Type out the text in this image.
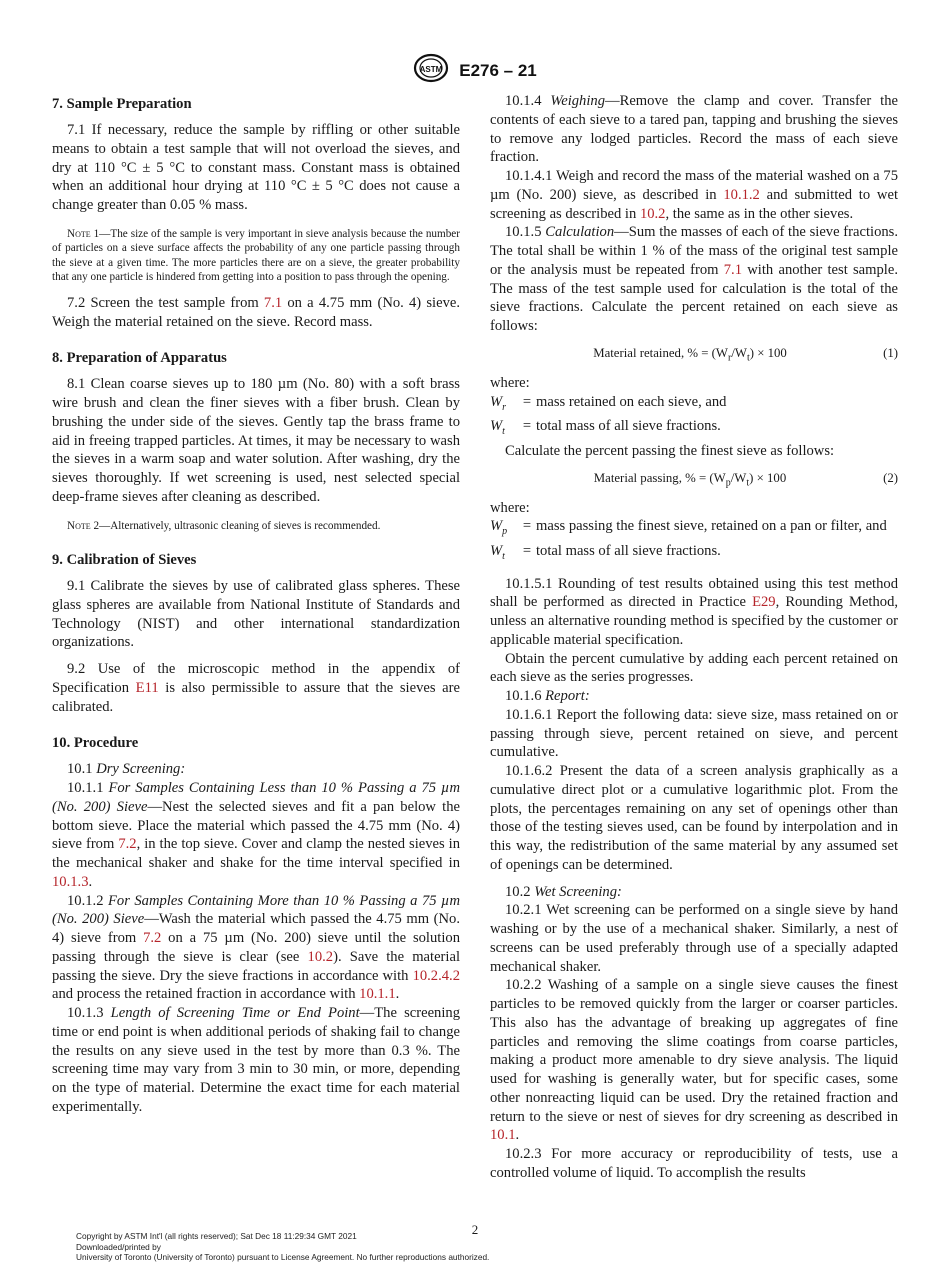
ASTM E276 – 21
7. Sample Preparation

7.1 If necessary, reduce the sample by riffling or other suitable means to obtain a test sample that will not overload the sieves, and dry at 110 °C ± 5 °C to constant mass. Constant mass is obtained when an additional hour drying at 110 °C ± 5 °C does not cause a change greater than 0.05 % mass.

Note 1—The size of the sample is very important in sieve analysis because the number of particles on a sieve surface affects the probability of any one particle passing through the sieve at a given time. The more particles there are on a sieve, the greater probability that any one particle is hindered from getting into a position to pass through the opening.

7.2 Screen the test sample from 7.1 on a 4.75 mm (No. 4) sieve. Weigh the material retained on the sieve. Record mass.

8. Preparation of Apparatus

8.1 Clean coarse sieves up to 180 µm (No. 80) with a soft brass wire brush and clean the finer sieves with a fiber brush. Clean by brushing the under side of the sieves. Gently tap the brass frame to aid in freeing trapped particles. At times, it may be necessary to wash the sieves in a warm soap and water solution. After washing, dry the sieves thoroughly. If wet screening is used, nest selected special deep-frame sieves after cleaning as described.

Note 2—Alternatively, ultrasonic cleaning of sieves is recommended.

9. Calibration of Sieves

9.1 Calibrate the sieves by use of calibrated glass spheres. These glass spheres are available from National Institute of Standards and Technology (NIST) and other international standardization organizations.

9.2 Use of the microscopic method in the appendix of Specification E11 is also permissible to assure that the sieves are calibrated.

10. Procedure

10.1 Dry Screening:

10.1.1 For Samples Containing Less than 10 % Passing a 75 µm (No. 200) Sieve—Nest the selected sieves and fit a pan below the bottom sieve. Place the material which passed the 4.75 mm (No. 4) sieve from 7.2, in the top sieve. Cover and clamp the nested sieves in the mechanical shaker and shake for the time interval specified in 10.1.3.

10.1.2 For Samples Containing More than 10 % Passing a 75 µm (No. 200) Sieve—Wash the material which passed the 4.75 mm (No. 4) sieve from 7.2 on a 75 µm (No. 200) sieve until the solution passing through the sieve is clear (see 10.2). Save the material passing the sieve. Dry the sieve fractions in accordance with 10.2.4.2 and process the retained fraction in accordance with 10.1.1.

10.1.3 Length of Screening Time or End Point—The screening time or end point is when additional periods of shaking fail to change the results on any sieve used in the test by more than 0.3 %. The screening time may vary from 3 min to 30 min, or more, depending on the type of material. Determine the exact time for each material experimentally.

10.1.4 Weighing—Remove the clamp and cover. Transfer the contents of each sieve to a tared pan, tapping and brushing the sieves to remove any lodged particles. Record the mass of each sieve fraction.

10.1.4.1 Weigh and record the mass of the material washed on a 75 µm (No. 200) sieve, as described in 10.1.2 and submitted to wet screening as described in 10.2, the same as in the other sieves.

10.1.5 Calculation—Sum the masses of each of the sieve fractions. The total shall be within 1 % of the mass of the original test sample or the analysis must be repeated from 7.1 with another test sample. The mass of the test sample used for calculation is the total of the sieve fractions. Calculate the percent retained on each sieve as follows:

Material retained, % = $(W_r/W_t) \times 100$	(1)

where:

$W_r$	= mass retained on each sieve, and
$W_t$	= total mass of all sieve fractions.

Calculate the percent passing the finest sieve as follows:

Material passing, % = $(W_p/W_t) \times 100$	(2)

where:

$W_p$	= mass passing the finest sieve, retained on a pan or filter, and
$W_t$	= total mass of all sieve fractions.

10.1.5.1 Rounding of test results obtained using this test method shall be performed as directed in Practice E29, Rounding Method, unless an alternative rounding method is specified by the customer or applicable material specification.

Obtain the percent cumulative by adding each percent retained on each sieve as the series progresses.

10.1.6 Report:

10.1.6.1 Report the following data: sieve size, mass retained on or passing through sieve, percent retained on sieve, and percent cumulative.

10.1.6.2 Present the data of a screen analysis graphically as a cumulative direct plot or a cumulative logarithmic plot. From the plots, the percentages remaining on any set of openings other than those of the testing sieves used, can be found by interpolation and in this way, the redistribution of the same material by any assumed set of openings can be determined.

10.2 Wet Screening:

10.2.1 Wet screening can be performed on a single sieve by hand washing or by the use of a mechanical shaker. Similarly, a nest of screens can be used preferably through use of a specially adapted mechanical shaker.

10.2.2 Washing of a sample on a single sieve causes the finest particles to be removed quickly from the larger or coarser particles. This also has the advantage of breaking up aggregates of fine particles and removing the slime coatings from coarse particles, making a product more amenable to dry sieve analysis. The liquid used for washing is generally water, but for specific cases, some other nonreacting liquid can be used. Dry the retained fraction and return to the sieve or nest of sieves for dry screening as described in 10.1.

10.2.3 For more accuracy or reproducibility of tests, use a controlled volume of liquid. To accomplish the results

2
Copyright by ASTM Int'l (all rights reserved); Sat Dec 18 11:29:34 GMT 2021
Downloaded/printed by
University of Toronto (University of Toronto) pursuant to License Agreement. No further reproductions authorized.
